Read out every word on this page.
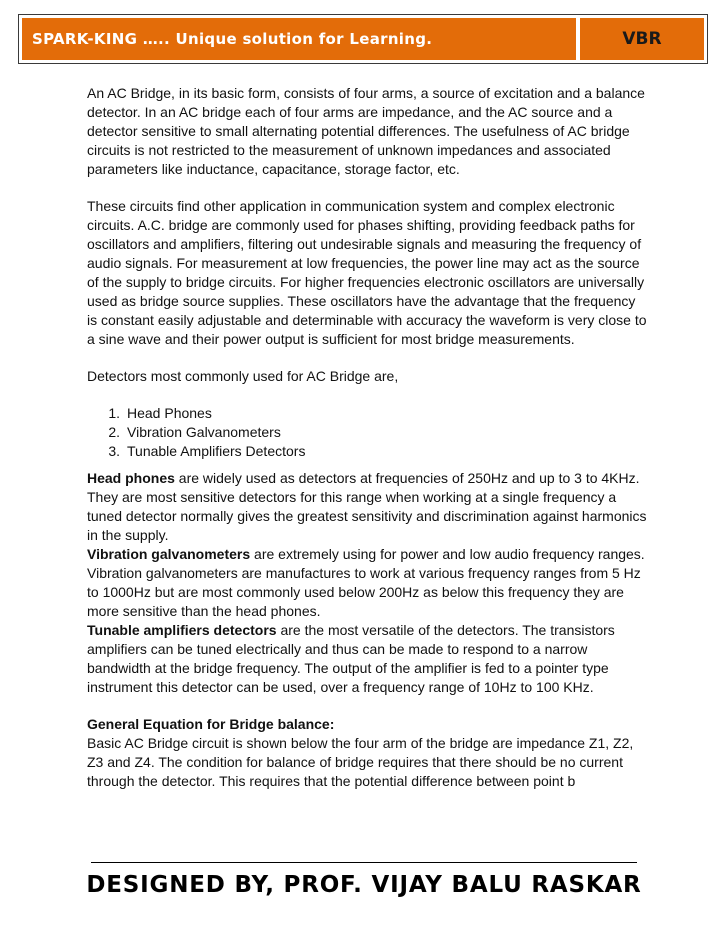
SPARK-KING ….. Unique solution for Learning.	VBR

An AC Bridge, in its basic form, consists of four arms, a source of excitation and a balance detector. In an AC bridge each of four arms are impedance, and the AC source and a detector sensitive to small alternating potential differences. The usefulness of AC bridge circuits is not restricted to the measurement of unknown impedances and associated parameters like inductance, capacitance, storage factor, etc.

These circuits find other application in communication system and complex electronic circuits. A.C. bridge are commonly used for phases shifting, providing feedback paths for oscillators and amplifiers, filtering out undesirable signals and measuring the frequency of audio signals. For measurement at low frequencies, the power line may act as the source of the supply to bridge circuits. For higher frequencies electronic oscillators are universally used as bridge source supplies. These oscillators have the advantage that the frequency is constant easily adjustable and determinable with accuracy the waveform is very close to a sine wave and their power output is sufficient for most bridge measurements.

Detectors most commonly used for AC Bridge are,

1. Head Phones
2. Vibration Galvanometers
3. Tunable Amplifiers Detectors

Head phones are widely used as detectors at frequencies of 250Hz and up to 3 to 4KHz. They are most sensitive detectors for this range when working at a single frequency a tuned detector normally gives the greatest sensitivity and discrimination against harmonics in the supply.

Vibration galvanometers are extremely using for power and low audio frequency ranges. Vibration galvanometers are manufactures to work at various frequency ranges from 5 Hz to 1000Hz but are most commonly used below 200Hz as below this frequency they are more sensitive than the head phones.

Tunable amplifiers detectors are the most versatile of the detectors. The transistors amplifiers can be tuned electrically and thus can be made to respond to a narrow bandwidth at the bridge frequency. The output of the amplifier is fed to a pointer type instrument this detector can be used, over a frequency range of 10Hz to 100 KHz.

General Equation for Bridge balance:

Basic AC Bridge circuit is shown below the four arm of the bridge are impedance Z1, Z2, Z3 and Z4. The condition for balance of bridge requires that there should be no current through the detector. This requires that the potential difference between point b

DESIGNED BY, PROF. VIJAY BALU RASKAR
